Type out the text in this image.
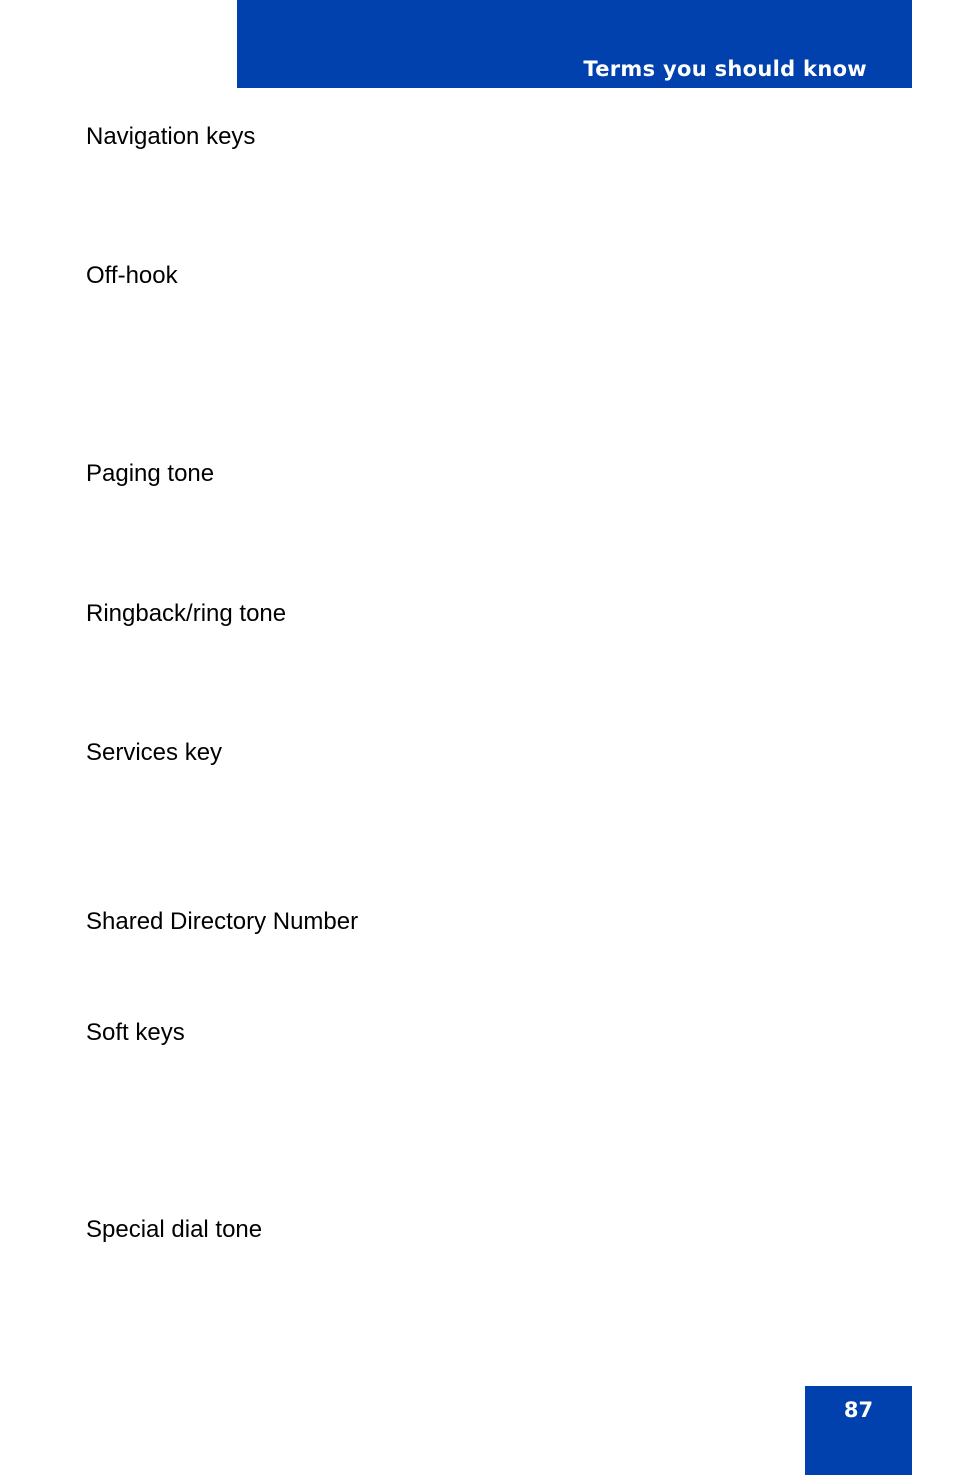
Terms you should know
Navigation keys
Off-hook
Paging tone
Ringback/ring tone
Services key
Shared Directory Number
Soft keys
Special dial tone
87
